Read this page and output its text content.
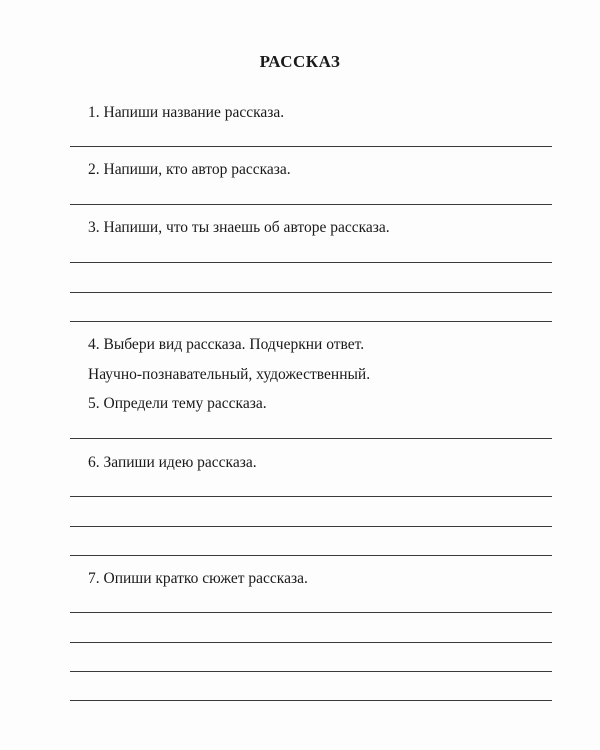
РАССКАЗ
1. Напиши название рассказа.
2. Напиши, кто автор рассказа.
3. Напиши, что ты знаешь об авторе рассказа.
4. Выбери вид рассказа. Подчеркни ответ.
Научно-познавательный, художественный.
5. Определи тему рассказа.
6. Запиши идею рассказа.
7. Опиши кратко сюжет рассказа.
